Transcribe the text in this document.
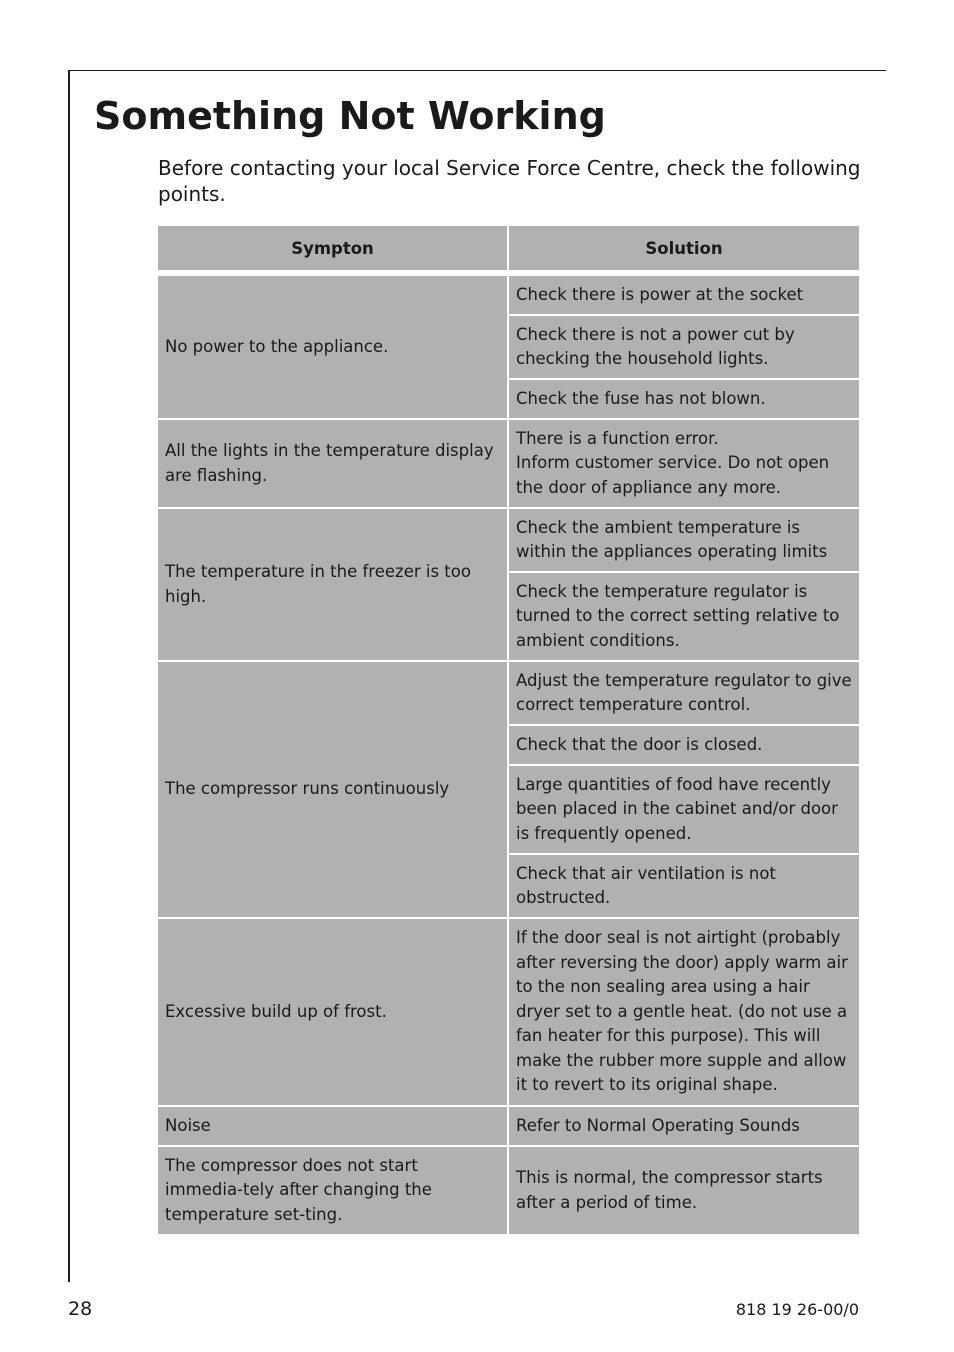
Something Not Working

Before contacting your local Service Force Centre, check the following points.

Sympton	Solution

No power to the appliance.	Check there is power at the socket
	Check there is not a power cut by checking the household lights.
	Check the fuse has not blown.
All the lights in the temperature display are flashing.	There is a function error.
Inform customer service. Do not open the door of appliance any more.
The temperature in the freezer is too high.	Check the ambient temperature is within the appliances operating limits
	Check the temperature regulator is turned to the correct setting relative to ambient conditions.
The compressor runs continuously	Adjust the temperature regulator to give correct temperature control.
	Check that the door is closed.
	Large quantities of food have recently been placed in the cabinet and/or door is frequently opened.
	Check that air ventilation is not obstructed.
Excessive build up of frost.	If the door seal is not airtight (probably after reversing the door) apply warm air to the non sealing area using a hair dryer set to a gentle heat. (do not use a fan heater for this purpose). This will make the rubber more supple and allow it to revert to its original shape.
Noise	Refer to Normal Operating Sounds
The compressor does not start immedia-tely after changing the temperature set-ting.	This is normal, the compressor starts after a period of time.
28	818 19 26-00/0
